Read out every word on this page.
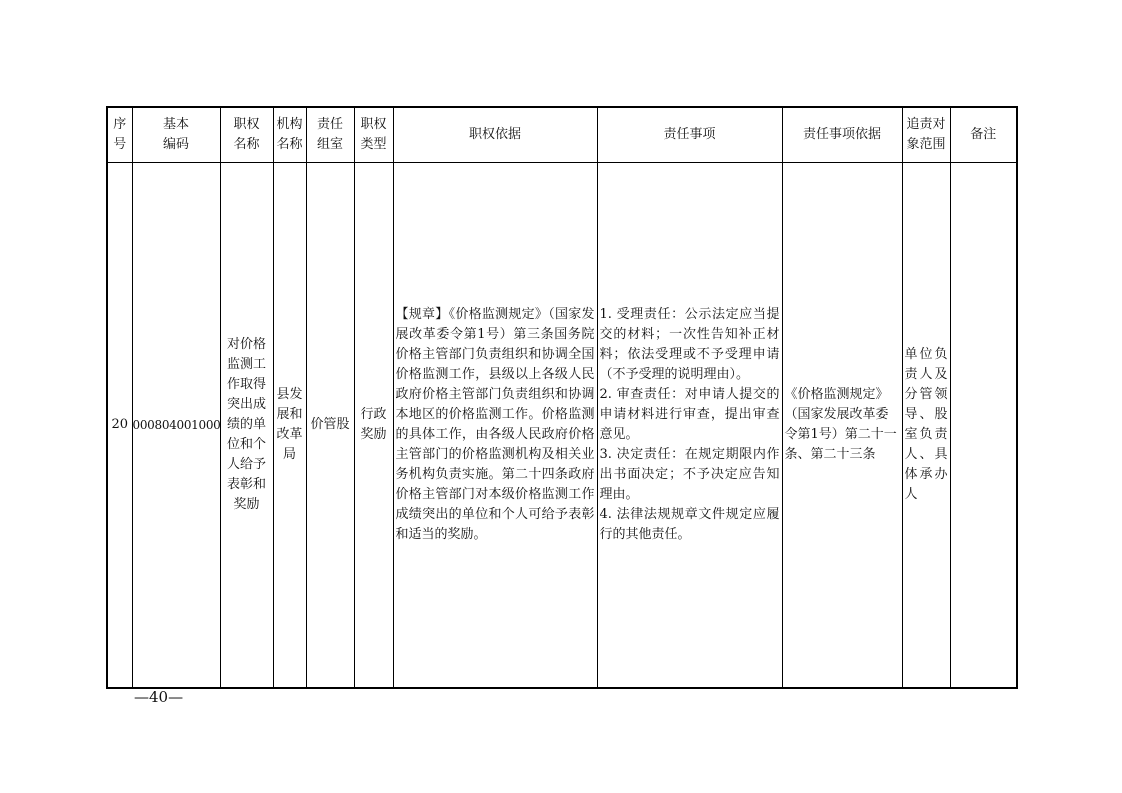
序号	基本编码	职权名称	机构名称	责任组室	职权类型	职权依据	责任事项	责任事项依据	追责对象范围	备注
20	000804001000	对价格监测工作取得突出成绩的单位和个人给予表彰和奖励	县发展和改革局	价管股	行政奖励	【规章】《价格监测规定》（国家发展改革委令第1号）第三条国务院价格主管部门负责组织和协调全国价格监测工作，县级以上各级人民政府价格主管部门负责组织和协调本地区的价格监测工作。价格监测的具体工作，由各级人民政府价格主管部门的价格监测机构及相关业务机构负责实施。第二十四条政府价格主管部门对本级价格监测工作成绩突出的单位和个人可给予表彰和适当的奖励。	1. 受理责任：公示法定应当提交的材料；一次性告知补正材料；依法受理或不予受理申请（不予受理的说明理由）。
2. 审查责任：对申请人提交的申请材料进行审查，提出审查意见。
3. 决定责任：在规定期限内作出书面决定；不予决定应告知理由。
4. 法律法规规章文件规定应履行的其他责任。	《价格监测规定》（国家发展改革委令第1号）第二十一条、第二十三条	单位负责人及分管领导、股室负责人、具体承办人	
—40—
